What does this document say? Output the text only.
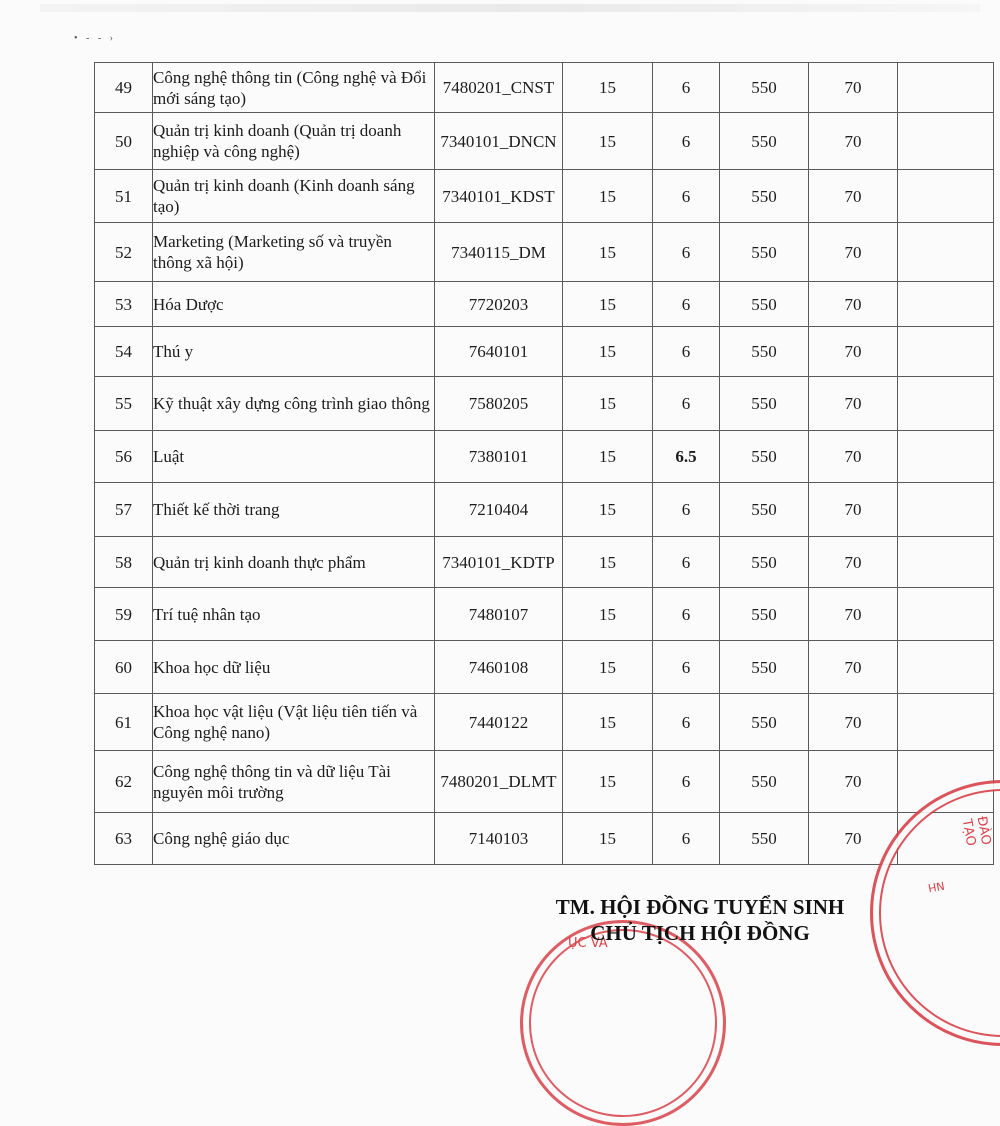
• - - ›
49	Công nghệ thông tin (Công nghệ và Đổi mới sáng tạo)	7480201_CNST	15	6	550	70	
50	Quản trị kinh doanh (Quản trị doanh nghiệp và công nghệ)	7340101_DNCN	15	6	550	70	
51	Quản trị kinh doanh (Kinh doanh sáng tạo)	7340101_KDST	15	6	550	70	
52	Marketing (Marketing số và truyền thông xã hội)	7340115_DM	15	6	550	70	
53	Hóa Dược	7720203	15	6	550	70	
54	Thú y	7640101	15	6	550	70	
55	Kỹ thuật xây dựng công trình giao thông	7580205	15	6	550	70	
56	Luật	7380101	15	6.5	550	70	
57	Thiết kế thời trang	7210404	15	6	550	70	
58	Quản trị kinh doanh thực phẩm	7340101_KDTP	15	6	550	70	
59	Trí tuệ nhân tạo	7480107	15	6	550	70	
60	Khoa học dữ liệu	7460108	15	6	550	70	
61	Khoa học vật liệu (Vật liệu tiên tiến và Công nghệ nano)	7440122	15	6	550	70	
62	Công nghệ thông tin và dữ liệu Tài nguyên môi trường	7480201_DLMT	15	6	550	70	
63	Công nghệ giáo dục	7140103	15	6	550	70		ĐÀO TẠO
NH
ỤC VÀ
TM. HỘI ĐỒNG TUYỂN SINH
CHỦ TỊCH HỘI ĐỒNG
